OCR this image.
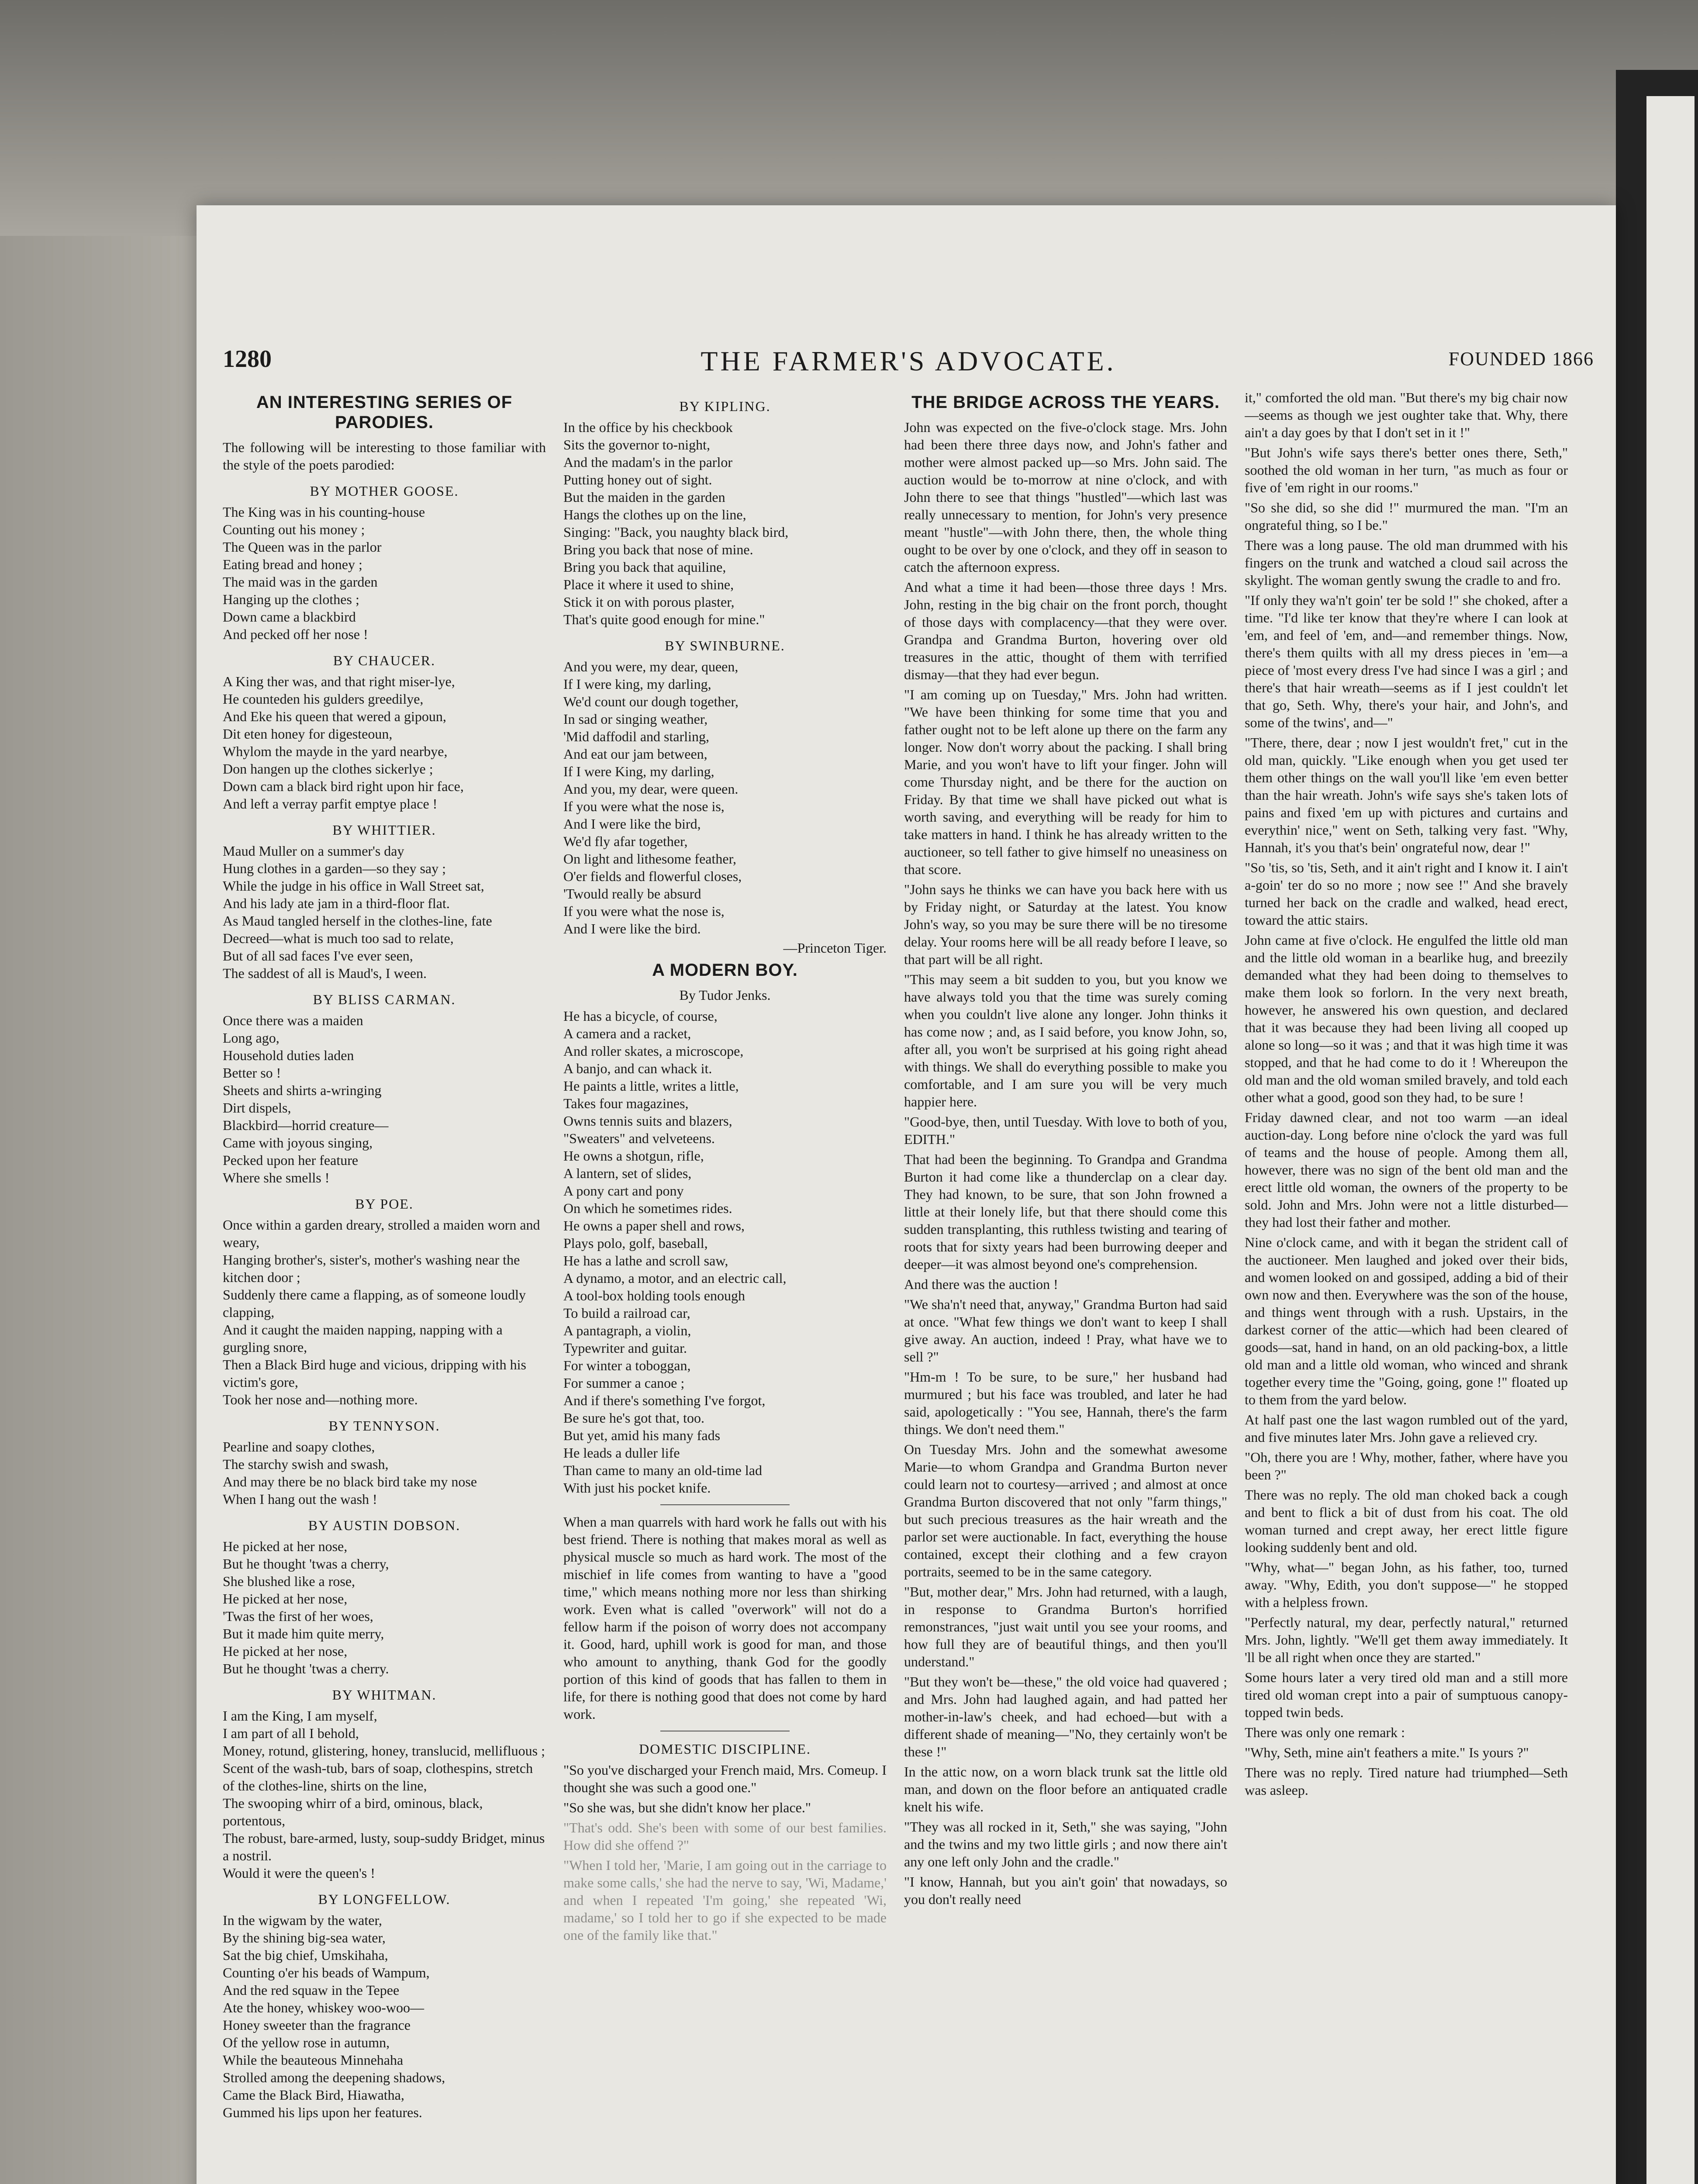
THE FARMER'S ADVOCATE.
1280	FOUNDED 1866
AN INTERESTING SERIES OF PARODIES.

The following will be interesting to those familiar with the style of the poets parodied:

BY MOTHER GOOSE.
The King was in his counting-house
Counting out his money ;
The Queen was in the parlor
Eating bread and honey ;
The maid was in the garden
Hanging up the clothes ;
Down came a blackbird
And pecked off her nose !
BY CHAUCER.
A King ther was, and that right miser-lye,
He counteden his gulders greedilye,
And Eke his queen that wered a gipoun,
Dit eten honey for digesteoun,
Whylom the mayde in the yard nearbye,
Don hangen up the clothes sickerlye ;
Down cam a black bird right upon hir face,
And left a verray parfit emptye place !
BY WHITTIER.
Maud Muller on a summer's day
Hung clothes in a garden—so they say ;
While the judge in his office in Wall Street sat,
And his lady ate jam in a third-floor flat.
As Maud tangled herself in the clothes-line, fate
Decreed—what is much too sad to relate,
But of all sad faces I've ever seen,
The saddest of all is Maud's, I ween.
BY BLISS CARMAN.
Once there was a maiden
Long ago,
Household duties laden
Better so !
Sheets and shirts a-wringing
Dirt dispels,
Blackbird—horrid creature—
Came with joyous singing,
Pecked upon her feature
Where she smells !
BY POE.
Once within a garden dreary, strolled a maiden worn and weary,
Hanging brother's, sister's, mother's washing near the kitchen door ;
Suddenly there came a flapping, as of someone loudly clapping,
And it caught the maiden napping, napping with a gurgling snore,
Then a Black Bird huge and vicious, dripping with his victim's gore,
Took her nose and—nothing more.
BY TENNYSON.
Pearline and soapy clothes,
The starchy swish and swash,
And may there be no black bird take my nose
When I hang out the wash !
BY AUSTIN DOBSON.
He picked at her nose,
But he thought 'twas a cherry,
She blushed like a rose,
He picked at her nose,
'Twas the first of her woes,
But it made him quite merry,
He picked at her nose,
But he thought 'twas a cherry.
BY WHITMAN.
I am the King, I am myself,
I am part of all I behold,
Money, rotund, glistering, honey, translucid, mellifluous ;
Scent of the wash-tub, bars of soap, clothespins, stretch of the clothes-line, shirts on the line,
The swooping whirr of a bird, ominous, black, portentous,
The robust, bare-armed, lusty, soup-suddy Bridget, minus a nostril.
Would it were the queen's !
BY LONGFELLOW.
In the wigwam by the water,
By the shining big-sea water,
Sat the big chief, Umskihaha,
Counting o'er his beads of Wampum,
And the red squaw in the Tepee
Ate the honey, whiskey woo-woo—
Honey sweeter than the fragrance
Of the yellow rose in autumn,
While the beauteous Minnehaha
Strolled among the deepening shadows,
Came the Black Bird, Hiawatha,
Gummed his lips upon her features.
BY KIPLING.
In the office by his checkbook
Sits the governor to-night,
And the madam's in the parlor
Putting honey out of sight.
But the maiden in the garden
Hangs the clothes up on the line,
Singing: "Back, you naughty black bird,
Bring you back that nose of mine.
Bring you back that aquiline,
Place it where it used to shine,
Stick it on with porous plaster,
That's quite good enough for mine."
BY SWINBURNE.
And you were, my dear, queen,
If I were king, my darling,
We'd count our dough together,
In sad or singing weather,
'Mid daffodil and starling,
And eat our jam between,
If I were King, my darling,
And you, my dear, were queen.
If you were what the nose is,
And I were like the bird,
We'd fly afar together,
On light and lithesome feather,
O'er fields and flowerful closes,
'Twould really be absurd
If you were what the nose is,
And I were like the bird.

—Princeton Tiger.

A MODERN BOY.

By Tudor Jenks.

He has a bicycle, of course,
A camera and a racket,
And roller skates, a microscope,
A banjo, and can whack it.
He paints a little, writes a little,
Takes four magazines,
Owns tennis suits and blazers,
"Sweaters" and velveteens.
He owns a shotgun, rifle,
A lantern, set of slides,
A pony cart and pony
On which he sometimes rides.
He owns a paper shell and rows,
Plays polo, golf, baseball,
He has a lathe and scroll saw,
A dynamo, a motor, and an electric call,
A tool-box holding tools enough
To build a railroad car,
A pantagraph, a violin,
Typewriter and guitar.
For winter a toboggan,
For summer a canoe ;
And if there's something I've forgot,
Be sure he's got that, too.
But yet, amid his many fads
He leads a duller life
Than came to many an old-time lad
With just his pocket knife.

When a man quarrels with hard work he falls out with his best friend. There is nothing that makes moral as well as physical muscle so much as hard work. The most of the mischief in life comes from wanting to have a "good time," which means nothing more nor less than shirking work. Even what is called "overwork" will not do a fellow harm if the poison of worry does not accompany it. Good, hard, uphill work is good for man, and those who amount to anything, thank God for the goodly portion of this kind of goods that has fallen to them in life, for there is nothing good that does not come by hard work.

DOMESTIC DISCIPLINE.

"So you've discharged your French maid, Mrs. Comeup. I thought she was such a good one."

"So she was, but she didn't know her place."

"That's odd. She's been with some of our best families. How did she offend ?"

"When I told her, 'Marie, I am going out in the carriage to make some calls,' she had the nerve to say, 'Wi, Madame,' and when I repeated 'I'm going,' she repeated 'Wi, madame,' so I told her to go if she expected to be made one of the family like that."

THE BRIDGE ACROSS THE YEARS.

John was expected on the five-o'clock stage. Mrs. John had been there three days now, and John's father and mother were almost packed up—so Mrs. John said. The auction would be to-morrow at nine o'clock, and with John there to see that things "hustled"—which last was really unnecessary to mention, for John's very presence meant "hustle"—with John there, then, the whole thing ought to be over by one o'clock, and they off in season to catch the afternoon express.

And what a time it had been—those three days ! Mrs. John, resting in the big chair on the front porch, thought of those days with complacency—that they were over. Grandpa and Grandma Burton, hovering over old treasures in the attic, thought of them with terrified dismay—that they had ever begun.

"I am coming up on Tuesday," Mrs. John had written. "We have been thinking for some time that you and father ought not to be left alone up there on the farm any longer. Now don't worry about the packing. I shall bring Marie, and you won't have to lift your finger. John will come Thursday night, and be there for the auction on Friday. By that time we shall have picked out what is worth saving, and everything will be ready for him to take matters in hand. I think he has already written to the auctioneer, so tell father to give himself no uneasiness on that score.

"John says he thinks we can have you back here with us by Friday night, or Saturday at the latest. You know John's way, so you may be sure there will be no tiresome delay. Your rooms here will be all ready before I leave, so that part will be all right.

"This may seem a bit sudden to you, but you know we have always told you that the time was surely coming when you couldn't live alone any longer. John thinks it has come now ; and, as I said before, you know John, so, after all, you won't be surprised at his going right ahead with things. We shall do everything possible to make you comfortable, and I am sure you will be very much happier here.

"Good-bye, then, until Tuesday. With love to both of you, EDITH."

That had been the beginning. To Grandpa and Grandma Burton it had come like a thunderclap on a clear day. They had known, to be sure, that son John frowned a little at their lonely life, but that there should come this sudden transplanting, this ruthless twisting and tearing of roots that for sixty years had been burrowing deeper and deeper—it was almost beyond one's comprehension.

And there was the auction !

"We sha'n't need that, anyway," Grandma Burton had said at once. "What few things we don't want to keep I shall give away. An auction, indeed ! Pray, what have we to sell ?"

"Hm-m ! To be sure, to be sure," her husband had murmured ; but his face was troubled, and later he had said, apologetically : "You see, Hannah, there's the farm things. We don't need them."

On Tuesday Mrs. John and the somewhat awesome Marie—to whom Grandpa and Grandma Burton never could learn not to courtesy—arrived ; and almost at once Grandma Burton discovered that not only "farm things," but such precious treasures as the hair wreath and the parlor set were auctionable. In fact, everything the house contained, except their clothing and a few crayon portraits, seemed to be in the same category.

"But, mother dear," Mrs. John had returned, with a laugh, in response to Grandma Burton's horrified remonstrances, "just wait until you see your rooms, and how full they are of beautiful things, and then you'll understand."

"But they won't be—these," the old voice had quavered ; and Mrs. John had laughed again, and had patted her mother-in-law's cheek, and had echoed—but with a different shade of meaning—"No, they certainly won't be these !"

In the attic now, on a worn black trunk sat the little old man, and down on the floor before an antiquated cradle knelt his wife.

"They was all rocked in it, Seth," she was saying, "John and the twins and my two little girls ; and now there ain't any one left only John and the cradle."

"I know, Hannah, but you ain't goin' that nowadays, so you don't really need

it," comforted the old man. "But there's my big chair now—seems as though we jest oughter take that. Why, there ain't a day goes by that I don't set in it !"

"But John's wife says there's better ones there, Seth," soothed the old woman in her turn, "as much as four or five of 'em right in our rooms."

"So she did, so she did !" murmured the man. "I'm an ongrateful thing, so I be."

There was a long pause. The old man drummed with his fingers on the trunk and watched a cloud sail across the skylight. The woman gently swung the cradle to and fro.

"If only they wa'n't goin' ter be sold !" she choked, after a time. "I'd like ter know that they're where I can look at 'em, and feel of 'em, and—and remember things. Now, there's them quilts with all my dress pieces in 'em—a piece of 'most every dress I've had since I was a girl ; and there's that hair wreath—seems as if I jest couldn't let that go, Seth. Why, there's your hair, and John's, and some of the twins', and—"

"There, there, dear ; now I jest wouldn't fret," cut in the old man, quickly. "Like enough when you get used ter them other things on the wall you'll like 'em even better than the hair wreath. John's wife says she's taken lots of pains and fixed 'em up with pictures and curtains and everythin' nice," went on Seth, talking very fast. "Why, Hannah, it's you that's bein' ongrateful now, dear !"

"So 'tis, so 'tis, Seth, and it ain't right and I know it. I ain't a-goin' ter do so no more ; now see !" And she bravely turned her back on the cradle and walked, head erect, toward the attic stairs.

John came at five o'clock. He engulfed the little old man and the little old woman in a bearlike hug, and breezily demanded what they had been doing to themselves to make them look so forlorn. In the very next breath, however, he answered his own question, and declared that it was because they had been living all cooped up alone so long—so it was ; and that it was high time it was stopped, and that he had come to do it ! Whereupon the old man and the old woman smiled bravely, and told each other what a good, good son they had, to be sure !

Friday dawned clear, and not too warm —an ideal auction-day. Long before nine o'clock the yard was full of teams and the house of people. Among them all, however, there was no sign of the bent old man and the erect little old woman, the owners of the property to be sold. John and Mrs. John were not a little disturbed—they had lost their father and mother.

Nine o'clock came, and with it began the strident call of the auctioneer. Men laughed and joked over their bids, and women looked on and gossiped, adding a bid of their own now and then. Everywhere was the son of the house, and things went through with a rush. Upstairs, in the darkest corner of the attic—which had been cleared of goods—sat, hand in hand, on an old packing-box, a little old man and a little old woman, who winced and shrank together every time the "Going, going, gone !" floated up to them from the yard below.

At half past one the last wagon rumbled out of the yard, and five minutes later Mrs. John gave a relieved cry.

"Oh, there you are ! Why, mother, father, where have you been ?"

There was no reply. The old man choked back a cough and bent to flick a bit of dust from his coat. The old woman turned and crept away, her erect little figure looking suddenly bent and old.

"Why, what—" began John, as his father, too, turned away. "Why, Edith, you don't suppose—" he stopped with a helpless frown.

"Perfectly natural, my dear, perfectly natural," returned Mrs. John, lightly. "We'll get them away immediately. It 'll be all right when once they are started."

Some hours later a very tired old man and a still more tired old woman crept into a pair of sumptuous canopy-topped twin beds.

There was only one remark :

"Why, Seth, mine ain't feathers a mite." Is yours ?"

There was no reply. Tired nature had triumphed—Seth was asleep.
